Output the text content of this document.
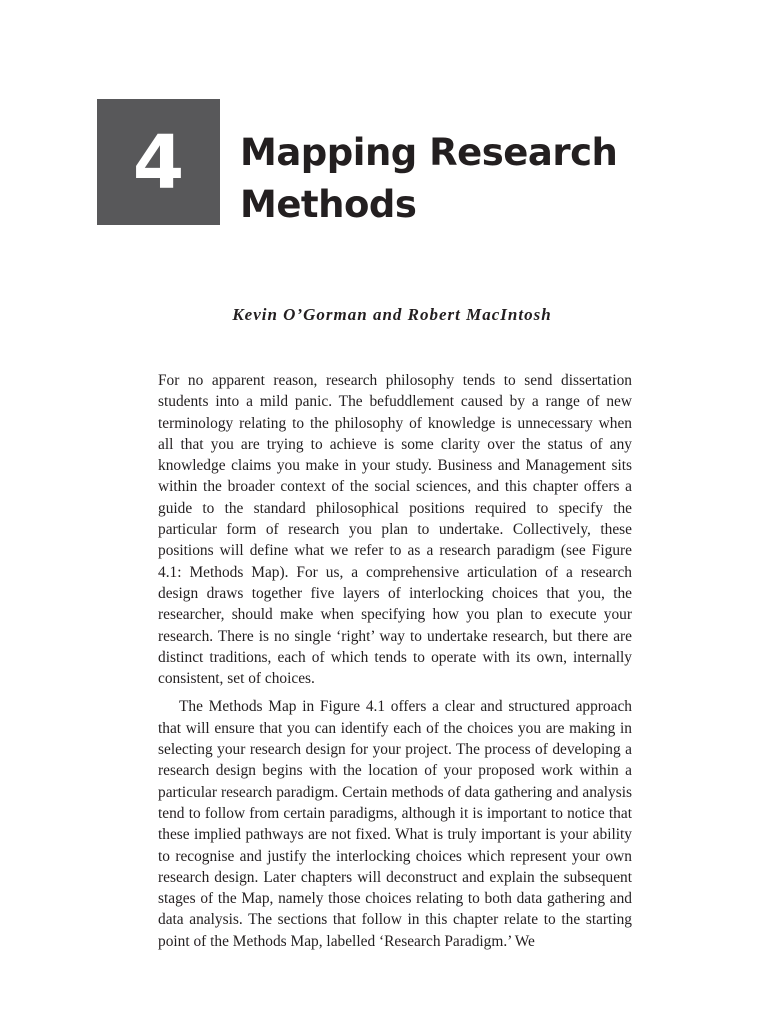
4 Mapping Research
Methods
Kevin O’Gorman and Robert MacIntosh

For no apparent reason, research philosophy tends to send dissertation students into a mild panic. The befuddlement caused by a range of new terminology relating to the philosophy of knowledge is unnecessary when all that you are trying to achieve is some clarity over the status of any knowledge claims you make in your study. Business and Management sits within the broader context of the social sciences, and this chapter offers a guide to the standard philosophical positions required to specify the particular form of research you plan to undertake. Collectively, these positions will define what we refer to as a research paradigm (see Figure 4.1: Methods Map). For us, a comprehensive articulation of a research design draws together five layers of interlocking choices that you, the researcher, should make when specifying how you plan to execute your research. There is no single ‘right’ way to undertake research, but there are distinct traditions, each of which tends to operate with its own, internally consistent, set of choices.

The Methods Map in Figure 4.1 offers a clear and structured approach that will ensure that you can identify each of the choices you are making in selecting your research design for your project. The process of developing a research design begins with the location of your proposed work within a particular research paradigm. Certain methods of data gathering and analysis tend to follow from certain paradigms, although it is important to notice that these implied pathways are not fixed. What is truly important is your ability to recognise and justify the interlocking choices which represent your own research design. Later chapters will deconstruct and explain the subsequent stages of the Map, namely those choices relating to both data gathering and data analysis. The sections that follow in this chapter relate to the starting point of the Methods Map, labelled ‘Research Paradigm.’ We
